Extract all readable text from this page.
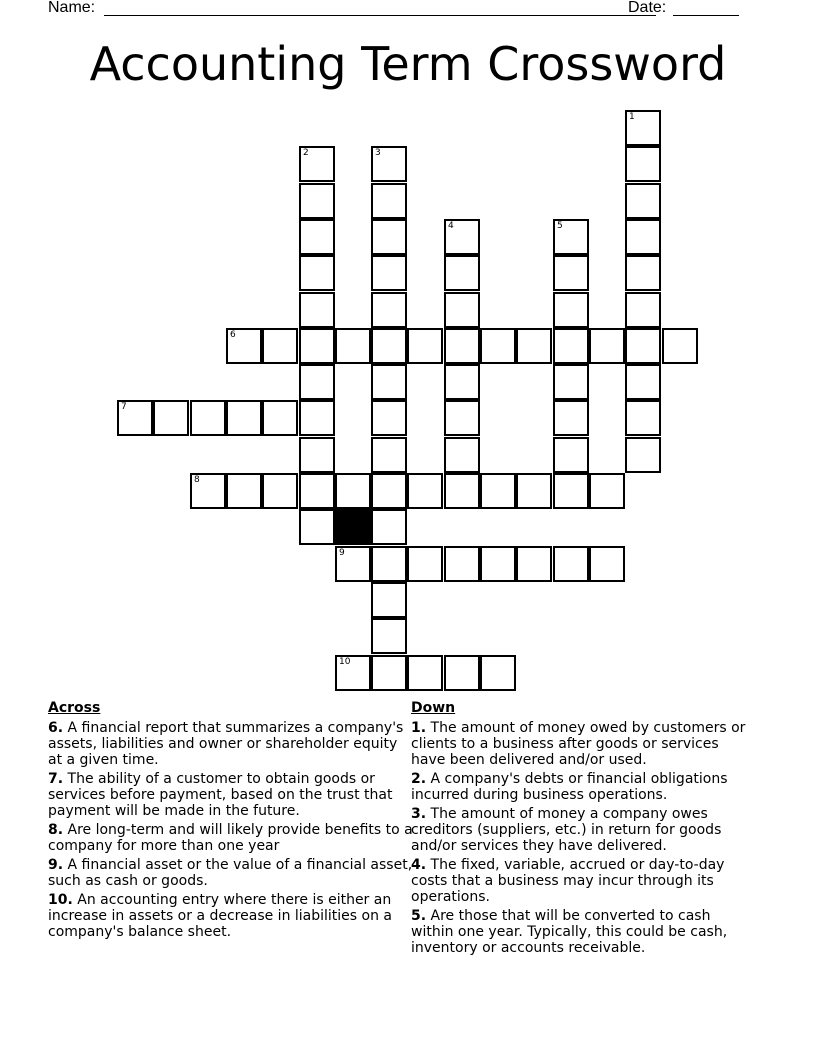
Name:	Date:
Accounting Term Crossword
6
7
8
9
10
1
2	3
4	5
Across
6. A financial report that summarizes a company's assets, liabilities and owner or shareholder equity at a given time.
7. The ability of a customer to obtain goods or services before payment, based on the trust that payment will be made in the future.
8. Are long-term and will likely provide benefits to a company for more than one year
9. A financial asset or the value of a financial asset, such as cash or goods.
10. An accounting entry where there is either an increase in assets or a decrease in liabilities on a company's balance sheet.
Down
1. The amount of money owed by customers or clients to a business after goods or services have been delivered and/or used.
2. A company's debts or financial obligations incurred during business operations.
3. The amount of money a company owes creditors (suppliers, etc.) in return for goods and/or services they have delivered.
4. The fixed, variable, accrued or day-to-day costs that a business may incur through its operations.
5. Are those that will be converted to cash within one year. Typically, this could be cash, inventory or accounts receivable.
